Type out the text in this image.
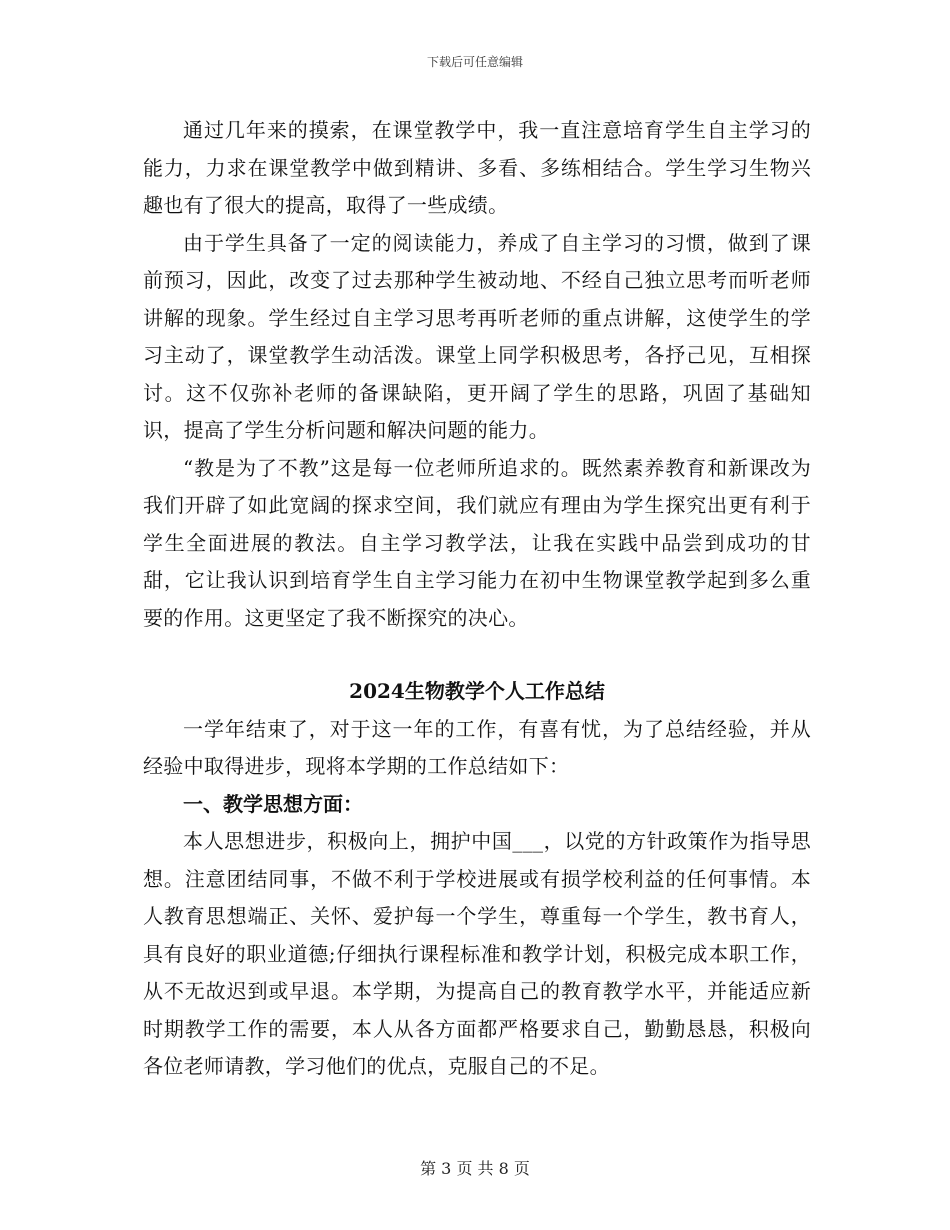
下载后可任意编辑

通过几年来的摸索，在课堂教学中，我一直注意培育学生自主学习的能力，力求在课堂教学中做到精讲、多看、多练相结合。学生学习生物兴趣也有了很大的提高，取得了一些成绩。

由于学生具备了一定的阅读能力，养成了自主学习的习惯，做到了课前预习，因此，改变了过去那种学生被动地、不经自己独立思考而听老师讲解的现象。学生经过自主学习思考再听老师的重点讲解，这使学生的学习主动了，课堂教学生动活泼。课堂上同学积极思考，各抒己见，互相探讨。这不仅弥补老师的备课缺陷，更开阔了学生的思路，巩固了基础知识，提高了学生分析问题和解决问题的能力。

“教是为了不教”这是每一位老师所追求的。既然素养教育和新课改为我们开辟了如此宽阔的探求空间，我们就应有理由为学生探究出更有利于学生全面进展的教法。自主学习教学法，让我在实践中品尝到成功的甘甜，它让我认识到培育学生自主学习能力在初中生物课堂教学起到多么重要的作用。这更坚定了我不断探究的决心。

2024生物教学个人工作总结

一学年结束了，对于这一年的工作，有喜有忧，为了总结经验，并从经验中取得进步，现将本学期的工作总结如下：

一、教学思想方面：

本人思想进步，积极向上，拥护中国___，以党的方针政策作为指导思想。注意团结同事，不做不利于学校进展或有损学校利益的任何事情。本人教育思想端正、关怀、爱护每一个学生，尊重每一个学生，教书育人，具有良好的职业道德;仔细执行课程标准和教学计划，积极完成本职工作，从不无故迟到或早退。本学期，为提高自己的教育教学水平，并能适应新时期教学工作的需要，本人从各方面都严格要求自己，勤勤恳恳，积极向各位老师请教，学习他们的优点，克服自己的不足。

第 3 页 共 8 页
